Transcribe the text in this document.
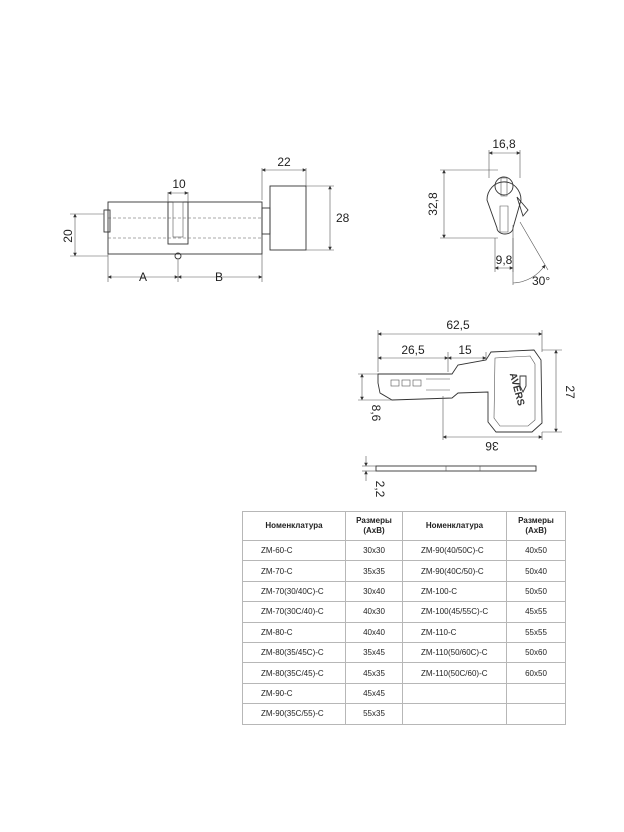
10
22
28
20
A	B
16,8
32,8
9,8
30°
AVERS
62,5
26,5	15
27
8,6
36
2,2
Номенклатура	Размеры (AxB)	Номенклатура	Размеры (AxB)
ZM-60-C	30x30	ZM-90(40/50C)-C	40x50
ZM-70-C	35x35	ZM-90(40C/50)-C	50x40
ZM-70(30/40C)-C	30x40	ZM-100-C	50x50
ZM-70(30C/40)-C	40x30	ZM-100(45/55C)-C	45x55
ZM-80-C	40x40	ZM-110-C	55x55
ZM-80(35/45C)-C	35x45	ZM-110(50/60C)-C	50x60
ZM-80(35C/45)-C	45x35	ZM-110(50C/60)-C	60x50
ZM-90-C	45x45		
ZM-90(35C/55)-C	55x35		
